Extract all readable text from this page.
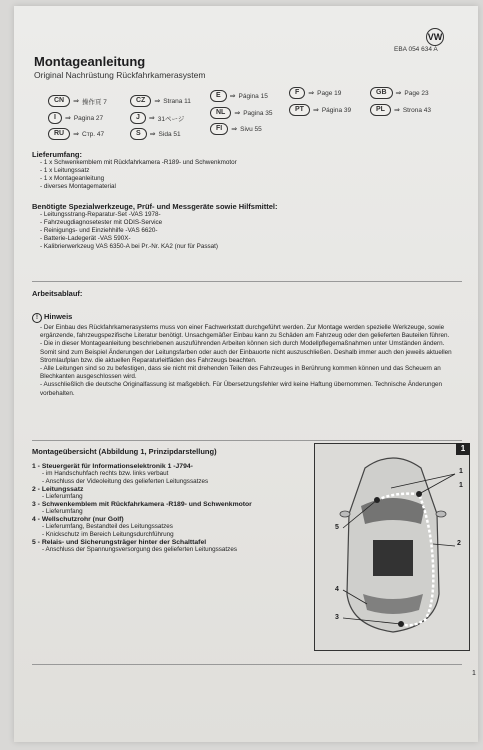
VW
EBA 054 634 A
Montageanleitung
Original Nachrüstung Rückfahrkamerasystem
CN	⇒ 操作頁 7	CZ	⇒ Strana 11
E	⇒ Página 15	F	⇒ Page 19	GB	⇒ Page 23
I	⇒ Pagina 27	J	⇒ 31ページ
NL	⇒ Pagina 35	PT	⇒ Página 39	PL	⇒ Strona 43
RU	⇒ Стр. 47	S	⇒ Sida 51
FI	⇒ Sivu 55
Lieferumfang:
- 1 x Schwenkemblem mit Rückfahrkamera -R189- und Schwenkmotor
- 1 x Leitungssatz
- 1 x Montageanleitung
- diverses Montagematerial
Benötigte Spezialwerkzeuge, Prüf- und Messgeräte sowie Hilfsmittel:
- Leitungsstrang-Reparatur-Set -VAS 1978-
- Fahrzeugdiagnosetester mit ODIS-Service
- Reinigungs- und Einziehhilfe -VAS 6620-
- Batterie-Ladegerät -VAS 590X-
- Kalibrierwerkzeug VAS 6350-A bei Pr.-Nr. KA2 (nur für Passat)
Arbeitsablauf:
! Hinweis
- Der Einbau des Rückfahrkamerasystems muss von einer Fachwerkstatt durchgeführt werden. Zur Montage werden spezielle Werkzeuge, sowie ergänzende, fahrzeugspezifische Literatur benötigt. Unsachgemäßer Einbau kann zu Schäden am Fahrzeug oder den gelieferten Bauteilen führen.
- Die in dieser Montageanleitung beschriebenen auszuführenden Arbeiten können sich durch Modellpflegemaßnahmen unter Umständen ändern. Somit sind zum Beispiel Änderungen der Leitungsfarben oder auch der Einbauorte nicht auszuschließen. Deshalb immer auch den jeweils aktuellen Stromlaufplan bzw. die aktuellen Reparaturleitfäden des Fahrzeugs beachten.
- Alle Leitungen sind so zu befestigen, dass sie nicht mit drehenden Teilen des Fahrzeuges in Berührung kommen können und das Scheuern an Blechkanten ausgeschlossen wird.
- Ausschließlich die deutsche Originalfassung ist maßgeblich. Für Übersetzungsfehler wird keine Haftung übernommen. Technische Änderungen vorbehalten.
Montageübersicht (Abbildung 1, Prinzipdarstellung)
1 - Steuergerät für Informationselektronik 1 -J794-
- im Handschuhfach rechts bzw. links verbaut
- Anschluss der Videoleitung des gelieferten Leitungssatzes
2 - Leitungssatz
- Lieferumfang
3 - Schwenkemblem mit Rückfahrkamera -R189- und Schwenkmotor
- Lieferumfang
4 - Wellschutzrohr (nur Golf)
- Lieferumfang, Bestandteil des Leitungssatzes
- Knickschutz im Bereich Leitungsdurchführung
5 - Relais- und Sicherungsträger hinter der Schalttafel
- Anschluss der Spannungsversorgung des gelieferten Leitungssatzes
1
1
1
2
3
4
5
1
